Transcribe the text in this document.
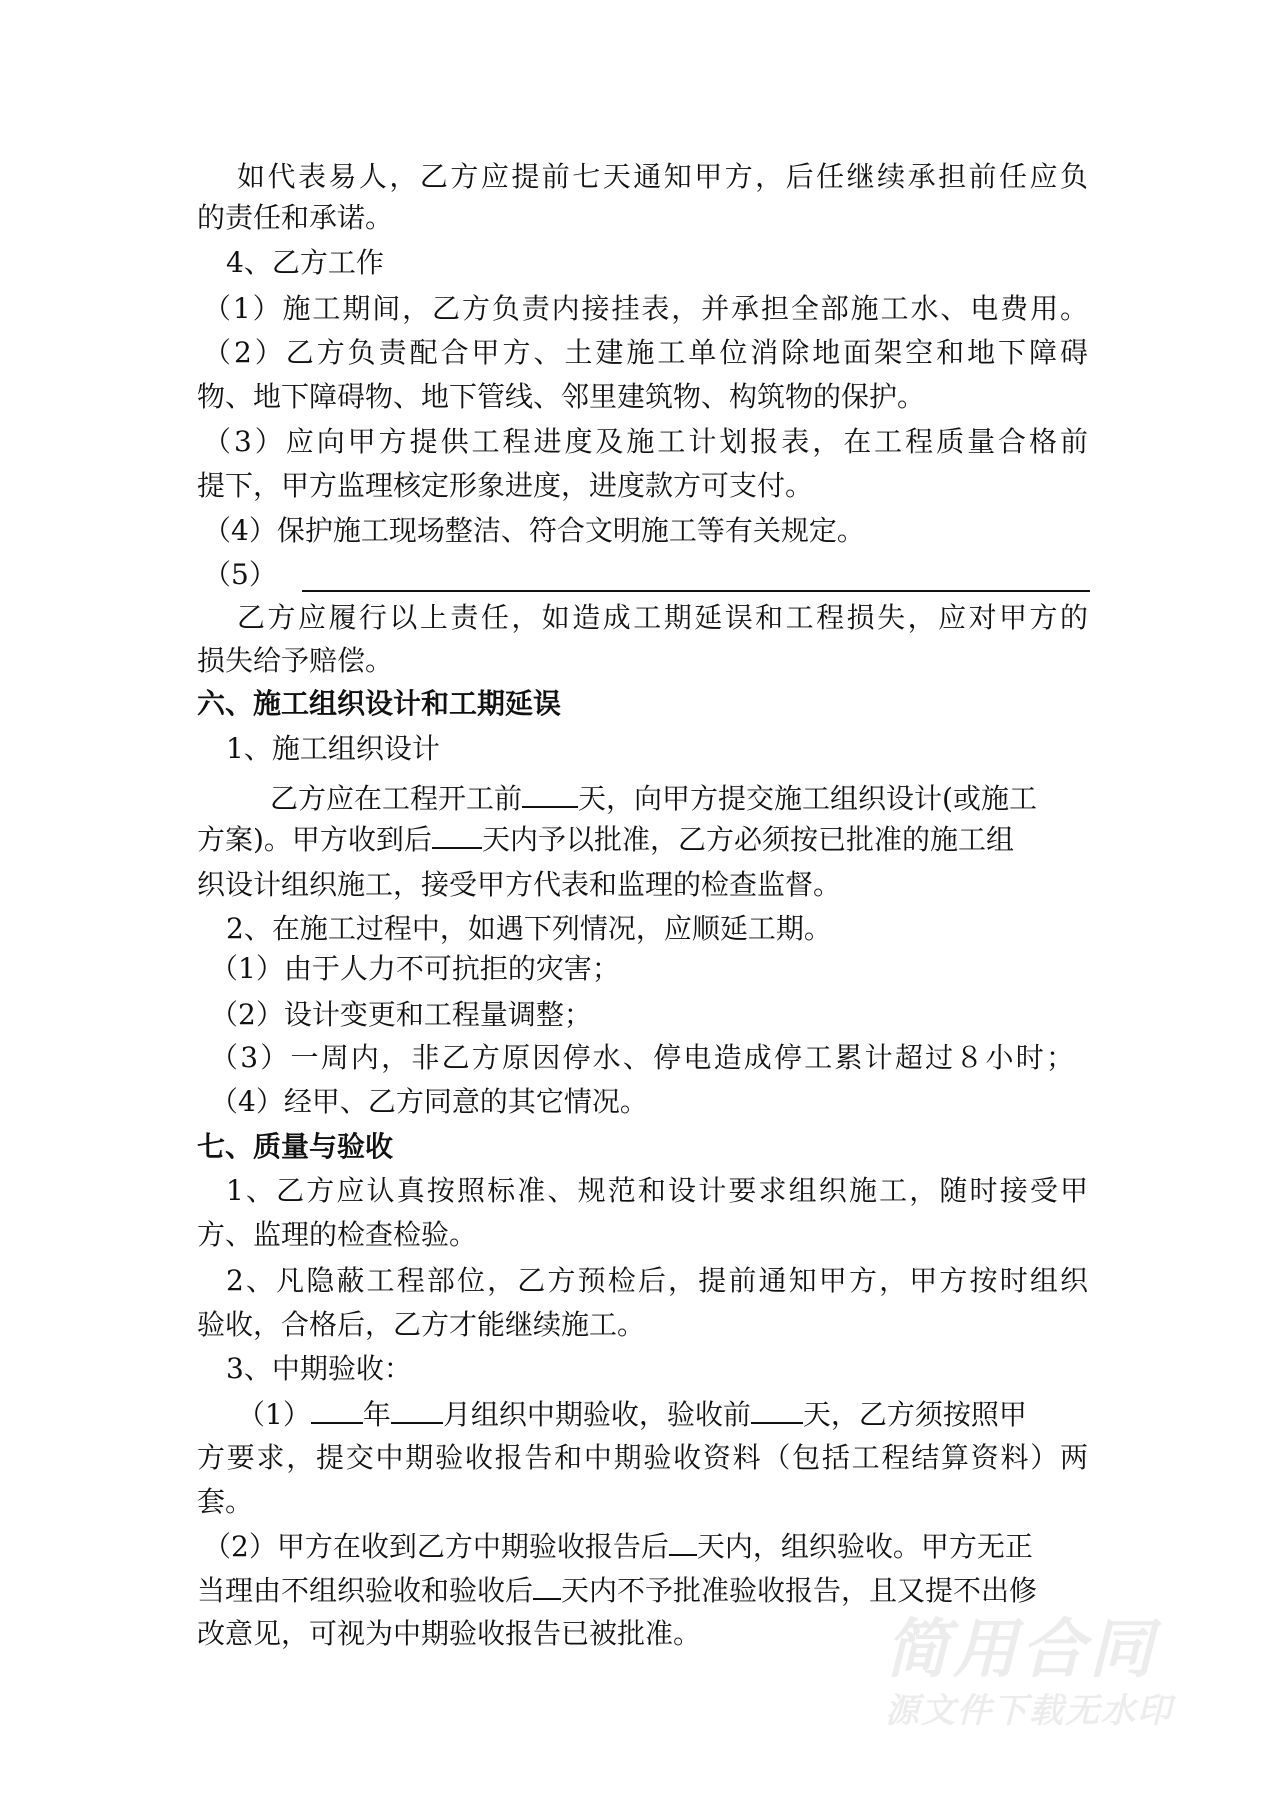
如代表易人，乙方应提前七天通知甲方，后任继续承担前任应负
的责任和承诺。
4、乙方工作
（1）施工期间，乙方负责内接挂表，并承担全部施工水、电费用。
（2）乙方负责配合甲方、土建施工单位消除地面架空和地下障碍
物、地下障碍物、地下管线、邻里建筑物、构筑物的保护。
（3）应向甲方提供工程进度及施工计划报表，在工程质量合格前
提下，甲方监理核定形象进度，进度款方可支付。
（4）保护施工现场整洁、符合文明施工等有关规定。
（5）
乙方应履行以上责任，如造成工期延误和工程损失，应对甲方的
损失给予赔偿。
六、施工组织设计和工期延误
1、施工组织设计
乙方应在工程开工前 天，向甲方提交施工组织设计(或施工
方案)。甲方收到后 天内予以批准，乙方必须按已批准的施工组
织设计组织施工，接受甲方代表和监理的检查监督。
2、在施工过程中，如遇下列情况，应顺延工期。
（1）由于人力不可抗拒的灾害；
（2）设计变更和工程量调整；
（3）一周内，非乙方原因停水、停电造成停工累计超过８小时；
（4）经甲、乙方同意的其它情况。
七、质量与验收
1、乙方应认真按照标准、规范和设计要求组织施工，随时接受甲
方、监理的检查检验。
2、凡隐蔽工程部位，乙方预检后，提前通知甲方，甲方按时组织
验收，合格后，乙方才能继续施工。
3、中期验收：
（1） 年 月组织中期验收，验收前 天，乙方须按照甲
方要求，提交中期验收报告和中期验收资料（包括工程结算资料）两
套。
（2）甲方在收到乙方中期验收报告后 天内，组织验收。甲方无正
当理由不组织验收和验收后 天内不予批准验收报告，且又提不出修
改意见，可视为中期验收报告已被批准。	简用合同
源文件下载无水印
